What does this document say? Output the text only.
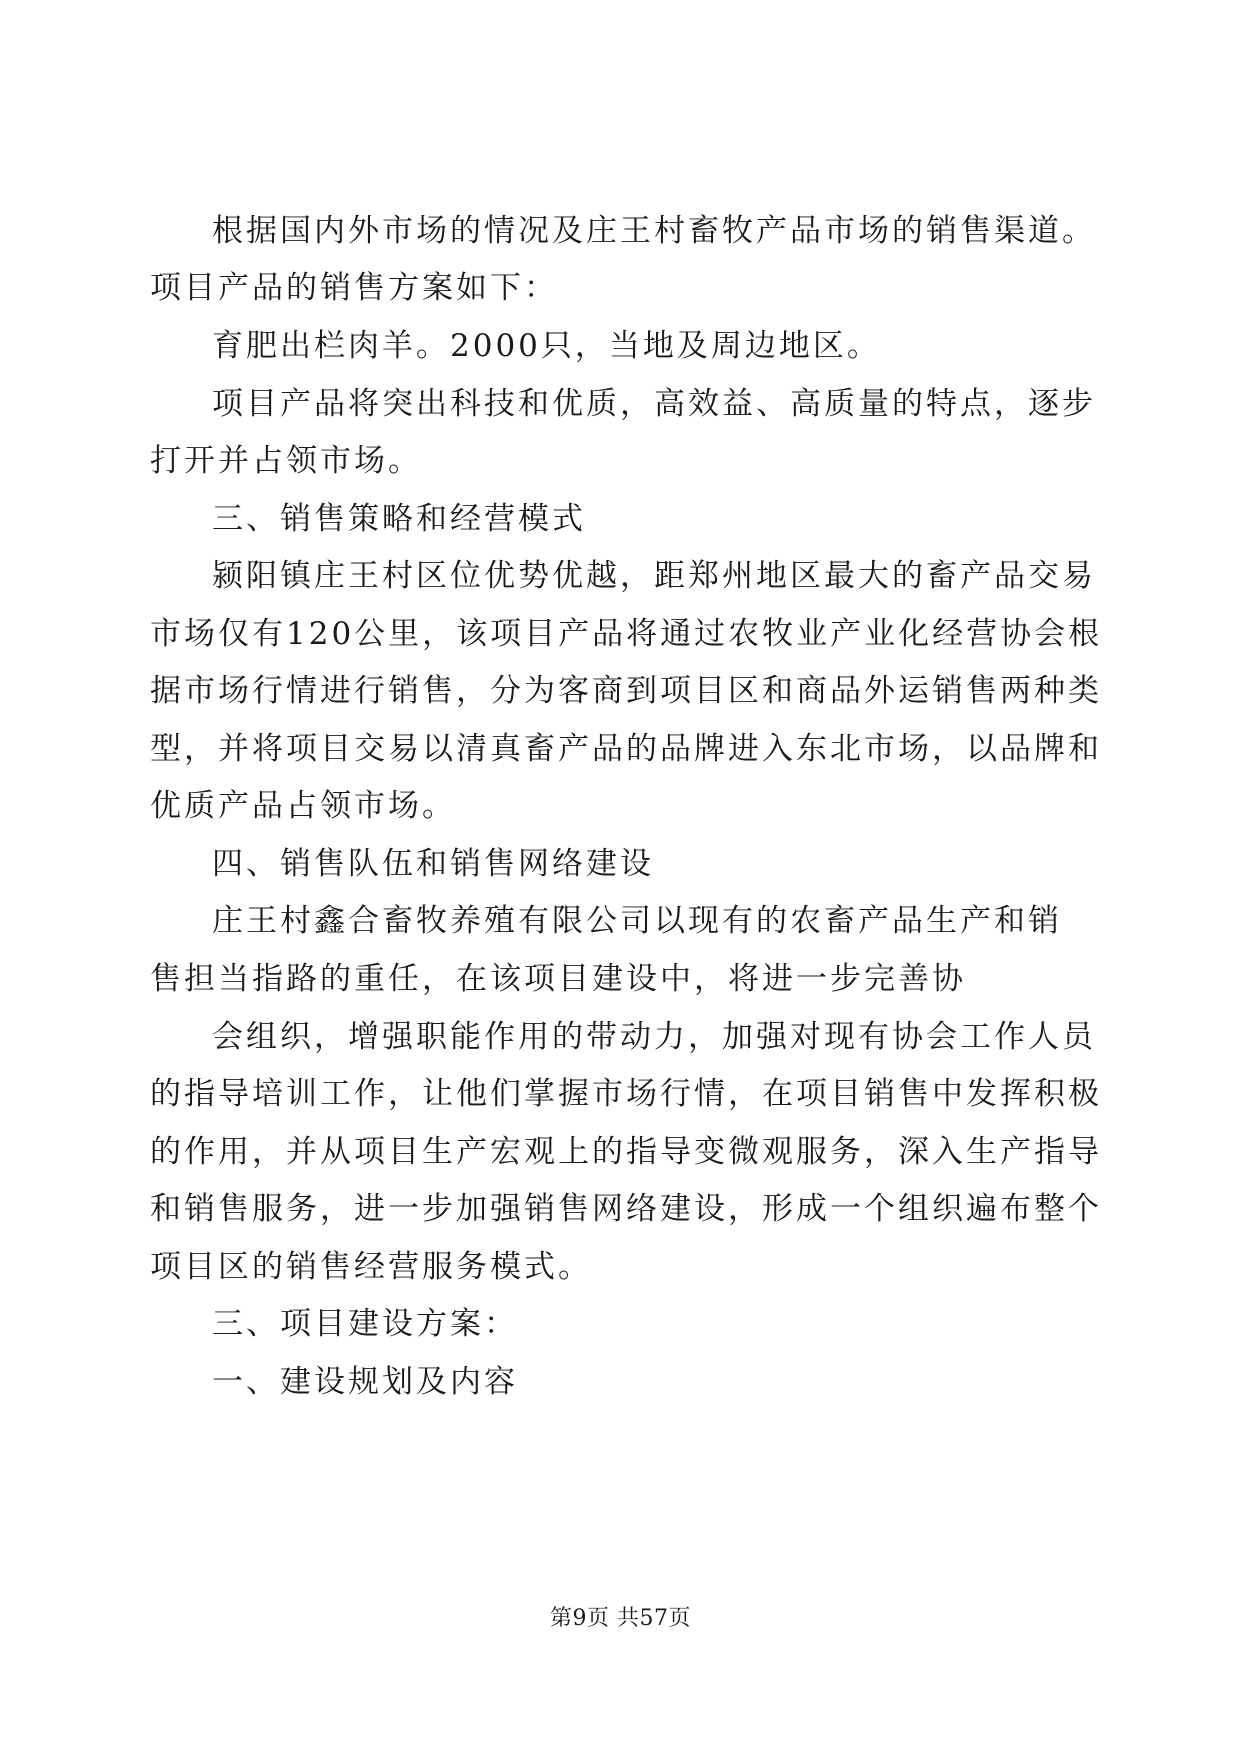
根据国内外市场的情况及庄王村畜牧产品市场的销售渠道。
项目产品的销售方案如下：
育肥出栏肉羊。2000只，当地及周边地区。
项目产品将突出科技和优质，高效益、高质量的特点，逐步
打开并占领市场。
三、销售策略和经营模式
颍阳镇庄王村区位优势优越，距郑州地区最大的畜产品交易
市场仅有120公里，该项目产品将通过农牧业产业化经营协会根
据市场行情进行销售，分为客商到项目区和商品外运销售两种类
型，并将项目交易以清真畜产品的品牌进入东北市场，以品牌和
优质产品占领市场。
四、销售队伍和销售网络建设
庄王村鑫合畜牧养殖有限公司以现有的农畜产品生产和销
售担当指路的重任，在该项目建设中，将进一步完善协
会组织，增强职能作用的带动力，加强对现有协会工作人员
的指导培训工作，让他们掌握市场行情，在项目销售中发挥积极
的作用，并从项目生产宏观上的指导变微观服务，深入生产指导
和销售服务，进一步加强销售网络建设，形成一个组织遍布整个
项目区的销售经营服务模式。
三、项目建设方案：
一、建设规划及内容
第9页 共57页
